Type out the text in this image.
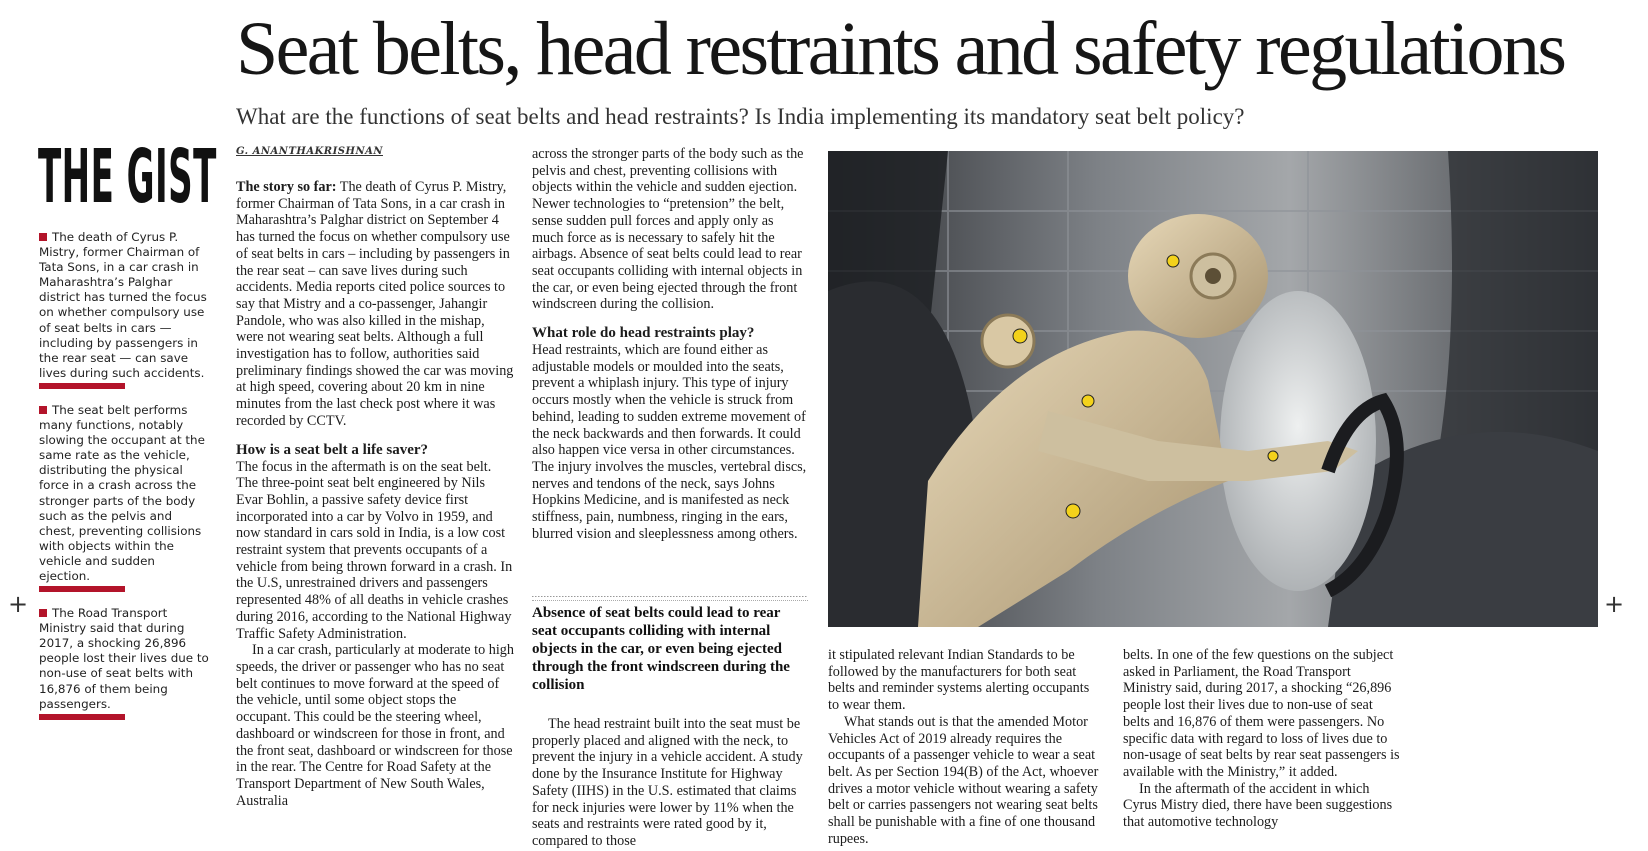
+	+
Seat belts, head restraints and safety regulations

What are the functions of seat belts and head restraints? Is India implementing its mandatory seat belt policy?

THE GIST
The death of Cyrus P. Mistry, former Chairman of Tata Sons, in a car crash in Maharashtra’s Palghar district has turned the focus on whether compulsory use of seat belts in cars — including by passengers in the rear seat — can save lives during such accidents.
The seat belt performs many functions, notably slowing the occupant at the same rate as the vehicle, distributing the physical force in a crash across the stronger parts of the body such as the pelvis and chest, preventing collisions with objects within the vehicle and sudden ejection.
The Road Transport Ministry said that during 2017, a shocking 26,896 people lost their lives due to non-use of seat belts with 16,876 of them being passengers.

G. ANANTHAKRISHNAN

The story so far: The death of Cyrus P. Mistry, former Chairman of Tata Sons, in a car crash in Maharashtra’s Palghar district on September 4 has turned the focus on whether compulsory use of seat belts in cars – including by passengers in the rear seat – can save lives during such accidents. Media reports cited police sources to say that Mistry and a co-passenger, Jahangir Pandole, who was also killed in the mishap, were not wearing seat belts. Although a full investigation has to follow, authorities said preliminary findings showed the car was moving at high speed, covering about 20 km in nine minutes from the last check post where it was recorded by CCTV.

How is a seat belt a life saver?

The focus in the aftermath is on the seat belt. The three-point seat belt engineered by Nils Evar Bohlin, a passive safety device first incorporated into a car by Volvo in 1959, and now standard in cars sold in India, is a low cost restraint system that prevents occupants of a vehicle from being thrown forward in a crash. In the U.S, unrestrained drivers and passengers represented 48% of all deaths in vehicle crashes during 2016, according to the National Highway Traffic Safety Administration.

In a car crash, particularly at moderate to high speeds, the driver or passenger who has no seat belt continues to move forward at the speed of the vehicle, until some object stops the occupant. This could be the steering wheel, dashboard or windscreen for those in front, and the front seat, dashboard or windscreen for those in the rear. The Centre for Road Safety at the Transport Department of New South Wales, Australia

across the stronger parts of the body such as the pelvis and chest, preventing collisions with objects within the vehicle and sudden ejection. Newer technologies to “pretension” the belt, sense sudden pull forces and apply only as much force as is necessary to safely hit the airbags. Absence of seat belts could lead to rear seat occupants colliding with internal objects in the car, or even being ejected through the front windscreen during the collision.

What role do head restraints play?

Head restraints, which are found either as adjustable models or moulded into the seats, prevent a whiplash injury. This type of injury occurs mostly when the vehicle is struck from behind, leading to sudden extreme movement of the neck backwards and then forwards. It could also happen vice versa in other circumstances. The injury involves the muscles, vertebral discs, nerves and tendons of the neck, says Johns Hopkins Medicine, and is manifested as neck stiffness, pain, numbness, ringing in the ears, blurred vision and sleeplessness among others.

Absence of seat belts could lead to rear seat occupants colliding with internal objects in the car, or even being ejected through the front windscreen during the collision

The head restraint built into the seat must be properly placed and aligned with the neck, to prevent the injury in a vehicle accident. A study done by the Insurance Institute for Highway Safety (IIHS) in the U.S. estimated that claims for neck injuries were lower by 11% when the seats and restraints were rated good by it, compared to those

it stipulated relevant Indian Standards to be followed by the manufacturers for both seat belts and reminder systems alerting occupants to wear them.

What stands out is that the amended Motor Vehicles Act of 2019 already requires the occupants of a passenger vehicle to wear a seat belt. As per Section 194(B) of the Act, whoever drives a motor vehicle without wearing a safety belt or carries passengers not wearing seat belts shall be punishable with a fine of one thousand rupees.

belts. In one of the few questions on the subject asked in Parliament, the Road Transport Ministry said, during 2017, a shocking “26,896 people lost their lives due to non-use of seat belts and 16,876 of them were passengers. No specific data with regard to loss of lives due to non-usage of seat belts by rear seat passengers is available with the Ministry,” it added.

In the aftermath of the accident in which Cyrus Mistry died, there have been suggestions that automotive technology
